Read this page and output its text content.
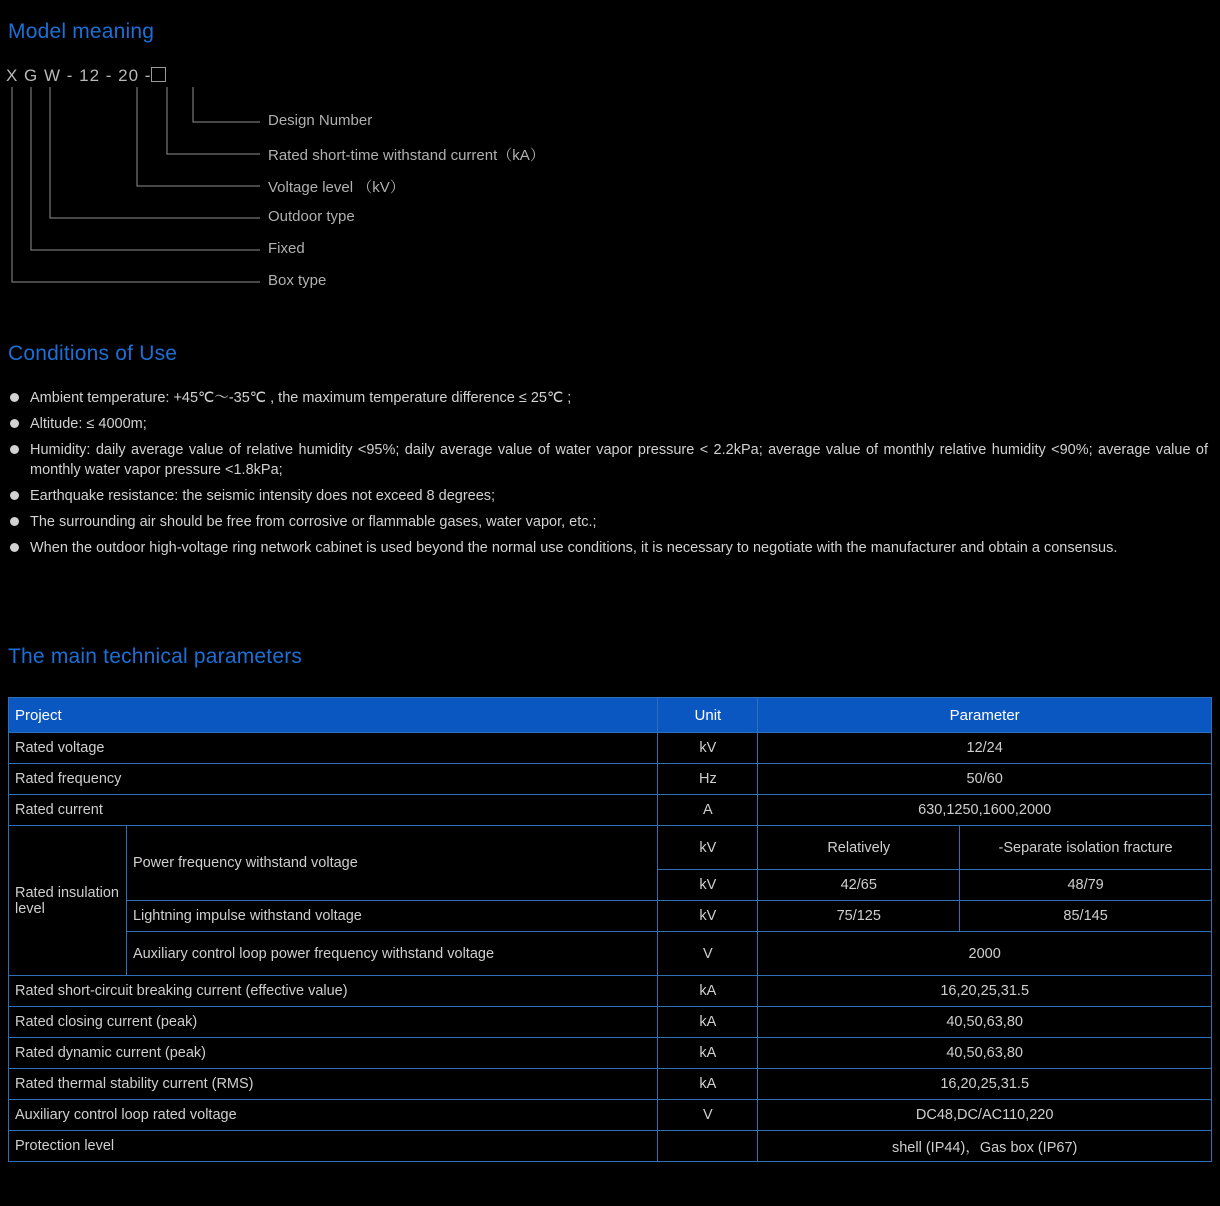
Model meaning
X G W - 12 - 20 -
Design Number
Rated short-time withstand current（kA）
Voltage level （kV）
Outdoor type
Fixed
Box type
Conditions of Use
Ambient temperature: +45℃～-35℃ , the maximum temperature difference ≤ 25℃ ;
Altitude: ≤ 4000m;
Humidity: daily average value of relative humidity <95%; daily average value of water vapor pressure < 2.2kPa; average value of monthly relative humidity <90%; average value of monthly water vapor pressure <1.8kPa;
Earthquake resistance: the seismic intensity does not exceed 8 degrees;
The surrounding air should be free from corrosive or flammable gases, water vapor, etc.;
When the outdoor high-voltage ring network cabinet is used beyond the normal use conditions, it is necessary to negotiate with the manufacturer and obtain a consensus.
The main technical parameters
Project		Unit	Parameter	
Rated voltage		kV	12/24	
Rated frequency		Hz	50/60	
Rated current		A	630,1250,1600,2000	
Rated insulation level	Power frequency withstand voltage	kV	Relatively	-Separate isolation fracture
		kV	42/65	48/79
	Lightning impulse withstand voltage	kV	75/125	85/145
	Auxiliary control loop power frequency withstand voltage	V	2000	
Rated short-circuit breaking current (effective value)		kA	16,20,25,31.5	
Rated closing current (peak)		kA	40,50,63,80	
Rated dynamic current (peak)		kA	40,50,63,80	
Rated thermal stability current (RMS)		kA	16,20,25,31.5	
Auxiliary control loop rated voltage		V	DC48,DC/AC110,220	
Protection level			shell (IP44)，Gas box (IP67)	
